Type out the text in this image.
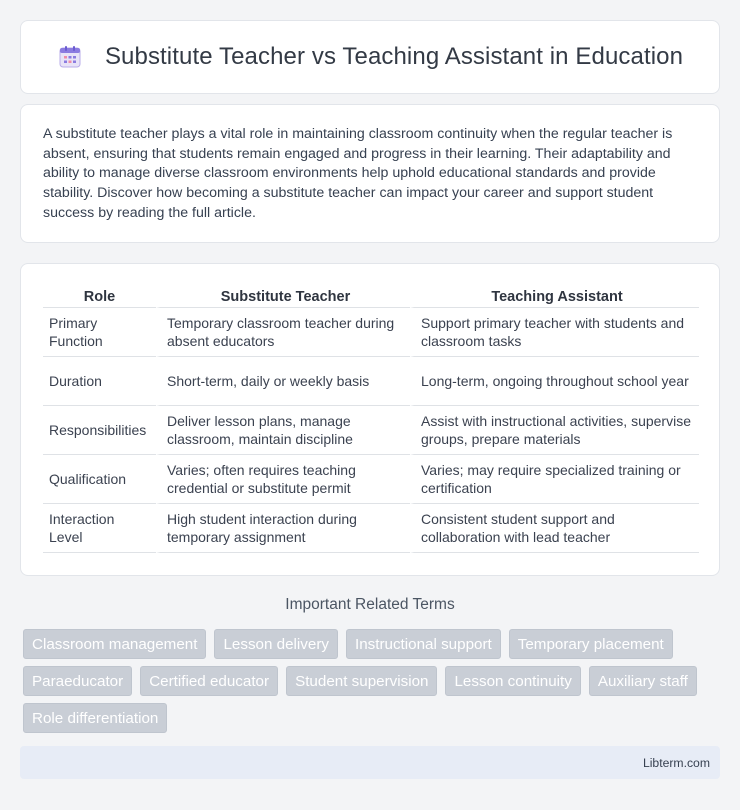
Substitute Teacher vs Teaching Assistant in Education

A substitute teacher plays a vital role in maintaining classroom continuity when the regular teacher is absent, ensuring that students remain engaged and progress in their learning. Their adaptability and ability to manage diverse classroom environments help uphold educational standards and provide stability. Discover how becoming a substitute teacher can impact your career and support student success by reading the full article.

Role	Substitute Teacher	Teaching Assistant
Primary Function	Temporary classroom teacher during absent educators	Support primary teacher with students and classroom tasks
Duration	Short-term, daily or weekly basis	Long-term, ongoing throughout school year
Responsibilities	Deliver lesson plans, manage classroom, maintain discipline	Assist with instructional activities, supervise groups, prepare materials
Qualification	Varies; often requires teaching credential or substitute permit	Varies; may require specialized training or certification
Interaction Level	High student interaction during temporary assignment	Consistent student support and collaboration with lead teacher
Important Related Terms
Classroom management	Lesson delivery	Instructional support	Temporary placement
Paraeducator	Certified educator	Student supervision	Lesson continuity	Auxiliary staff
Role differentiation
Libterm.com
